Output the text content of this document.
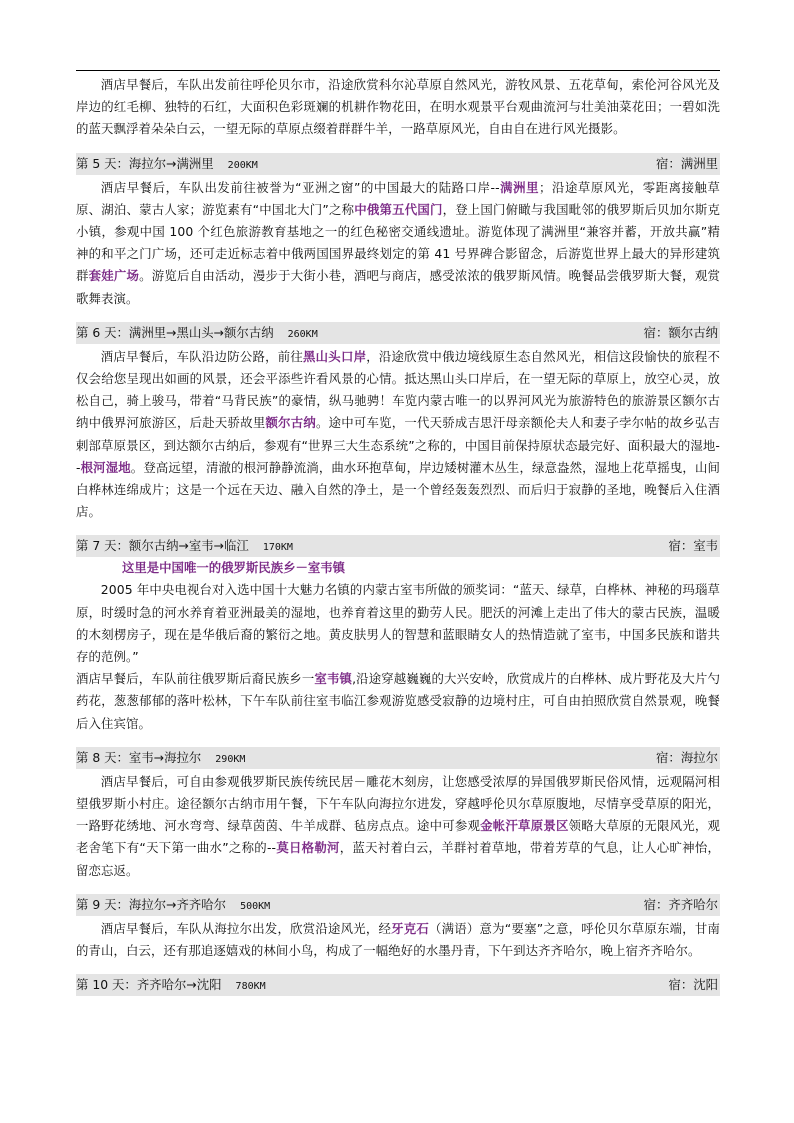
酒店早餐后，车队出发前往呼伦贝尔市，沿途欣赏科尔沁草原自然风光，游牧风景、五花草甸，索伦河谷风光及岸边的红毛柳、独特的石红，大面积色彩斑斓的机耕作物花田，在明水观景平台观曲流河与壮美油菜花田；一碧如洗的蓝天飘浮着朵朵白云，一望无际的草原点缀着群群牛羊，一路草原风光，自由自在进行风光摄影。

第 5 天：海拉尔→满洲里 200KM	宿：满洲里

酒店早餐后，车队出发前往被誉为“亚洲之窗”的中国最大的陆路口岸--满洲里；沿途草原风光，零距离接触草原、湖泊、蒙古人家；游览素有“中国北大门”之称中俄第五代国门，登上国门俯瞰与我国毗邻的俄罗斯后贝加尔斯克小镇，参观中国 100 个红色旅游教育基地之一的红色秘密交通线遗址。游览体现了满洲里“兼容并蓄，开放共赢”精神的和平之门广场，还可走近标志着中俄两国国界最终划定的第 41 号界碑合影留念，后游览世界上最大的异形建筑群套娃广场。游览后自由活动，漫步于大街小巷，酒吧与商店，感受浓浓的俄罗斯风情。晚餐品尝俄罗斯大餐，观赏歌舞表演。

第 6 天：满洲里→黑山头→额尔古纳 260KM	宿：额尔古纳

酒店早餐后，车队沿边防公路，前往黑山头口岸，沿途欣赏中俄边境线原生态自然风光，相信这段愉快的旅程不仅会给您呈现出如画的风景，还会平添些许看风景的心情。抵达黑山头口岸后，在一望无际的草原上，放空心灵，放松自己，骑上骏马，带着“马背民族”的豪情，纵马驰骋！车览内蒙古唯一的以界河风光为旅游特色的旅游景区额尔古纳中俄界河旅游区，后赴天骄故里额尔古纳。途中可车览，一代天骄成吉思汗母亲额伦夫人和妻子孛尔帖的故乡弘吉剌部草原景区，到达额尔古纳后，参观有“世界三大生态系统”之称的，中国目前保持原状态最完好、面积最大的湿地--根河湿地。登高远望，清澈的根河静静流淌，曲水环抱草甸，岸边矮树灌木丛生，绿意盎然，湿地上花草摇曳，山间白桦林连绵成片；这是一个远在天边、融入自然的净土，是一个曾经轰轰烈烈、而后归于寂静的圣地，晚餐后入住酒店。

第 7 天：额尔古纳→室韦→临江 170KM	宿：室韦

这里是中国唯一的俄罗斯民族乡－室韦镇

2005 年中央电视台对入选中国十大魅力名镇的内蒙古室韦所做的颁奖词：“蓝天、绿草，白桦林、神秘的玛瑙草原，时缓时急的河水养育着亚洲最美的湿地，也养育着这里的勤劳人民。肥沃的河滩上走出了伟大的蒙古民族，温暖的木刻楞房子，现在是华俄后裔的繁衍之地。黄皮肤男人的智慧和蓝眼睛女人的热情造就了室韦，中国多民族和谐共存的范例。”

酒店早餐后，车队前往俄罗斯后裔民族乡一室韦镇,沿途穿越巍巍的大兴安岭，欣赏成片的白桦林、成片野花及大片勺药花，葱葱郁郁的落叶松林，下午车队前往室韦临江参观游览感受寂静的边境村庄，可自由拍照欣赏自然景观，晚餐后入住宾馆。

第 8 天：室韦→海拉尔 290KM	宿：海拉尔

酒店早餐后，可自由参观俄罗斯民族传统民居－雕花木刻房，让您感受浓厚的异国俄罗斯民俗风情，远观隔河相望俄罗斯小村庄。途径额尔古纳市用午餐，下午车队向海拉尔进发，穿越呼伦贝尔草原腹地，尽情享受草原的阳光，一路野花绣地、河水弯弯、绿草茵茵、牛羊成群、毡房点点。途中可参观金帐汗草原景区领略大草原的无限风光，观老舍笔下有“天下第一曲水”之称的--莫日格勒河，蓝天衬着白云，羊群衬着草地，带着芳草的气息，让人心旷神怡，留恋忘返。

第 9 天：海拉尔→齐齐哈尔 500KM	宿：齐齐哈尔

酒店早餐后，车队从海拉尔出发，欣赏沿途风光，经牙克石（满语）意为“要塞”之意，呼伦贝尔草原东端，甘南的青山，白云，还有那追逐嬉戏的林间小鸟，构成了一幅绝好的水墨丹青，下午到达齐齐哈尔，晚上宿齐齐哈尔。

第 10 天：齐齐哈尔→沈阳 780KM	宿：沈阳
